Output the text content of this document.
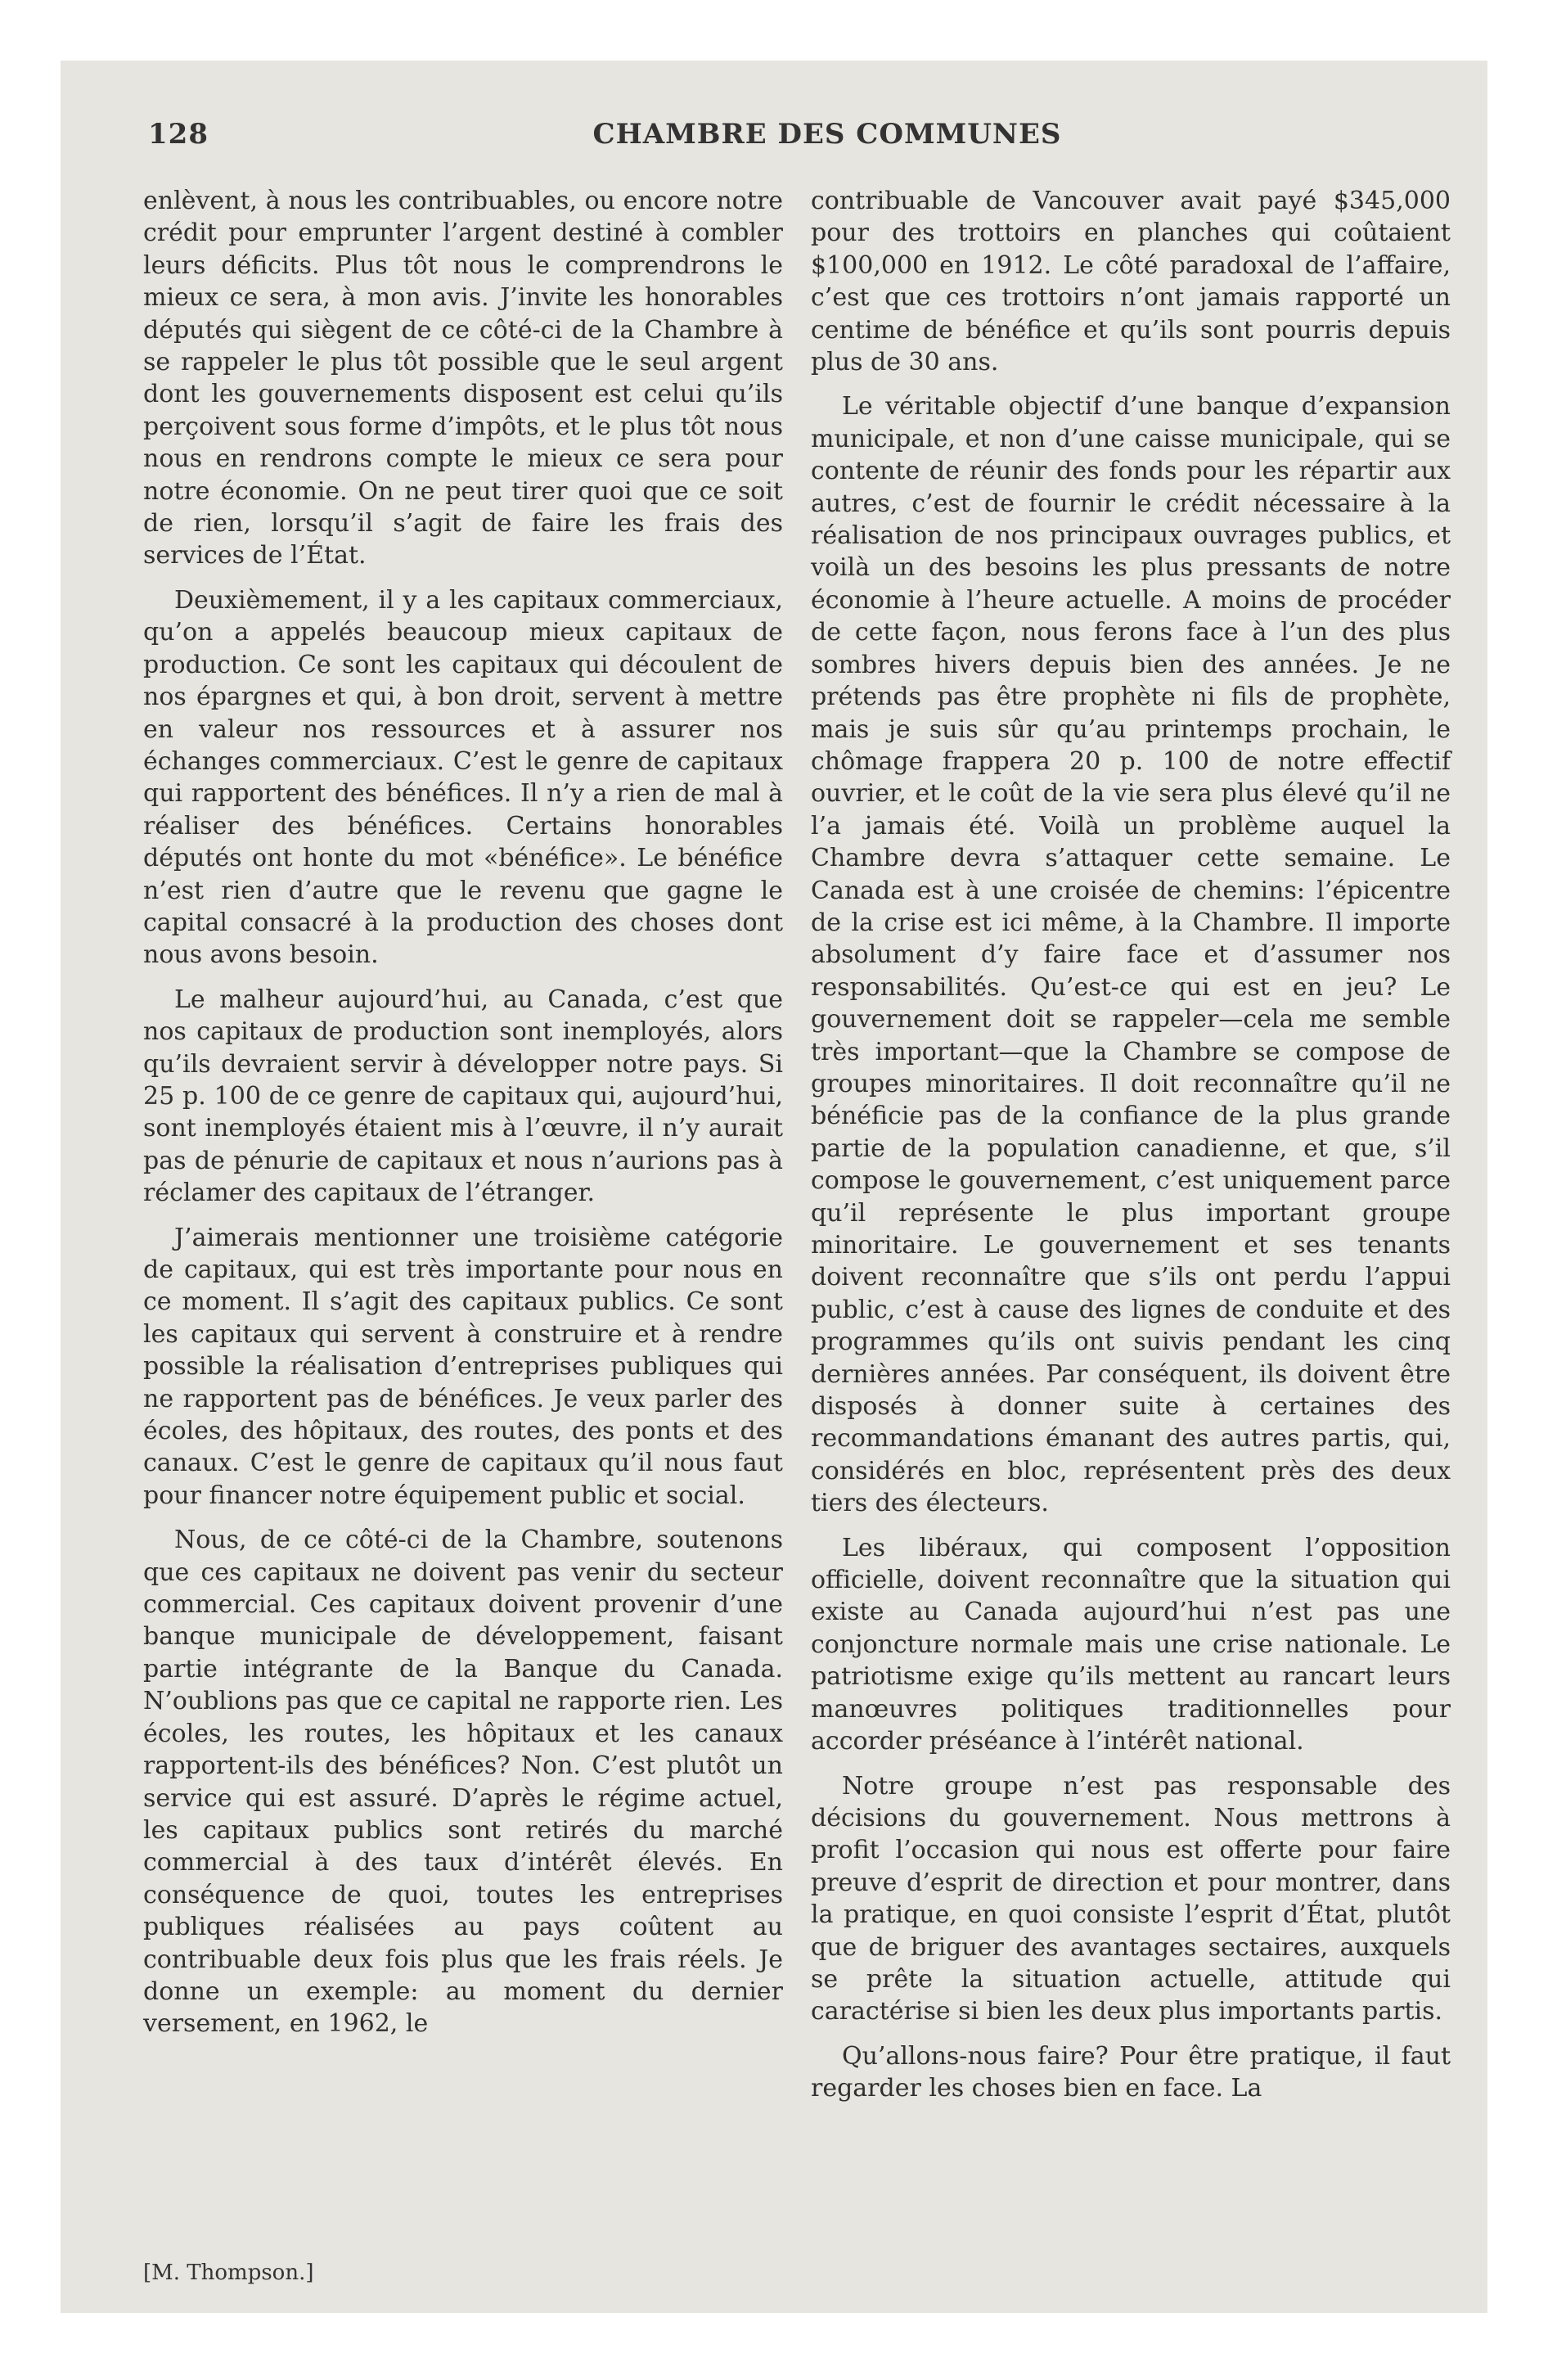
128	CHAMBRE DES COMMUNES

enlèvent, à nous les contribuables, ou encore notre crédit pour emprunter l’argent destiné à combler leurs déficits. Plus tôt nous le comprendrons le mieux ce sera, à mon avis. J’invite les honorables députés qui siègent de ce côté-ci de la Chambre à se rappeler le plus tôt possible que le seul argent dont les gouvernements disposent est celui qu’ils perçoivent sous forme d’impôts, et le plus tôt nous nous en rendrons compte le mieux ce sera pour notre économie. On ne peut tirer quoi que ce soit de rien, lorsqu’il s’agit de faire les frais des services de l’État.

Deuxièmement, il y a les capitaux commerciaux, qu’on a appelés beaucoup mieux capitaux de production. Ce sont les capitaux qui découlent de nos épargnes et qui, à bon droit, servent à mettre en valeur nos ressources et à assurer nos échanges commerciaux. C’est le genre de capitaux qui rapportent des bénéfices. Il n’y a rien de mal à réaliser des bénéfices. Certains honorables députés ont honte du mot «bénéfice». Le bénéfice n’est rien d’autre que le revenu que gagne le capital consacré à la production des choses dont nous avons besoin.

Le malheur aujourd’hui, au Canada, c’est que nos capitaux de production sont inemployés, alors qu’ils devraient servir à développer notre pays. Si 25 p. 100 de ce genre de capitaux qui, aujourd’hui, sont inemployés étaient mis à l’œuvre, il n’y aurait pas de pénurie de capitaux et nous n’aurions pas à réclamer des capitaux de l’étranger.

J’aimerais mentionner une troisième catégorie de capitaux, qui est très importante pour nous en ce moment. Il s’agit des capitaux publics. Ce sont les capitaux qui servent à construire et à rendre possible la réalisation d’entreprises publiques qui ne rapportent pas de bénéfices. Je veux parler des écoles, des hôpitaux, des routes, des ponts et des canaux. C’est le genre de capitaux qu’il nous faut pour financer notre équipement public et social.

Nous, de ce côté-ci de la Chambre, soutenons que ces capitaux ne doivent pas venir du secteur commercial. Ces capitaux doivent provenir d’une banque municipale de développement, faisant partie intégrante de la Banque du Canada. N’oublions pas que ce capital ne rapporte rien. Les écoles, les routes, les hôpitaux et les canaux rapportent-ils des bénéfices? Non. C’est plutôt un service qui est assuré. D’après le régime actuel, les capitaux publics sont retirés du marché commercial à des taux d’intérêt élevés. En conséquence de quoi, toutes les entreprises publiques réalisées au pays coûtent au contribuable deux fois plus que les frais réels. Je donne un exemple: au moment du dernier versement, en 1962, le

contribuable de Vancouver avait payé $345,000 pour des trottoirs en planches qui coûtaient $100,000 en 1912. Le côté paradoxal de l’affaire, c’est que ces trottoirs n’ont jamais rapporté un centime de bénéfice et qu’ils sont pourris depuis plus de 30 ans.

Le véritable objectif d’une banque d’expansion municipale, et non d’une caisse municipale, qui se contente de réunir des fonds pour les répartir aux autres, c’est de fournir le crédit nécessaire à la réalisation de nos principaux ouvrages publics, et voilà un des besoins les plus pressants de notre économie à l’heure actuelle. A moins de procéder de cette façon, nous ferons face à l’un des plus sombres hivers depuis bien des années. Je ne prétends pas être prophète ni fils de prophète, mais je suis sûr qu’au printemps prochain, le chômage frappera 20 p. 100 de notre effectif ouvrier, et le coût de la vie sera plus élevé qu’il ne l’a jamais été. Voilà un problème auquel la Chambre devra s’attaquer cette semaine. Le Canada est à une croisée de chemins: l’épicentre de la crise est ici même, à la Chambre. Il importe absolument d’y faire face et d’assumer nos responsabilités. Qu’est-ce qui est en jeu? Le gouvernement doit se rappeler—cela me semble très important—que la Chambre se compose de groupes minoritaires. Il doit reconnaître qu’il ne bénéficie pas de la confiance de la plus grande partie de la population canadienne, et que, s’il compose le gouvernement, c’est uniquement parce qu’il représente le plus important groupe minoritaire. Le gouvernement et ses tenants doivent reconnaître que s’ils ont perdu l’appui public, c’est à cause des lignes de conduite et des programmes qu’ils ont suivis pendant les cinq dernières années. Par conséquent, ils doivent être disposés à donner suite à certaines des recommandations émanant des autres partis, qui, considérés en bloc, représentent près des deux tiers des électeurs.

Les libéraux, qui composent l’opposition officielle, doivent reconnaître que la situation qui existe au Canada aujourd’hui n’est pas une conjoncture normale mais une crise nationale. Le patriotisme exige qu’ils mettent au rancart leurs manœuvres politiques traditionnelles pour accorder préséance à l’intérêt national.

Notre groupe n’est pas responsable des décisions du gouvernement. Nous mettrons à profit l’occasion qui nous est offerte pour faire preuve d’esprit de direction et pour montrer, dans la pratique, en quoi consiste l’esprit d’État, plutôt que de briguer des avantages sectaires, auxquels se prête la situation actuelle, attitude qui caractérise si bien les deux plus importants partis.

Qu’allons-nous faire? Pour être pratique, il faut regarder les choses bien en face. La

[M. Thompson.]
